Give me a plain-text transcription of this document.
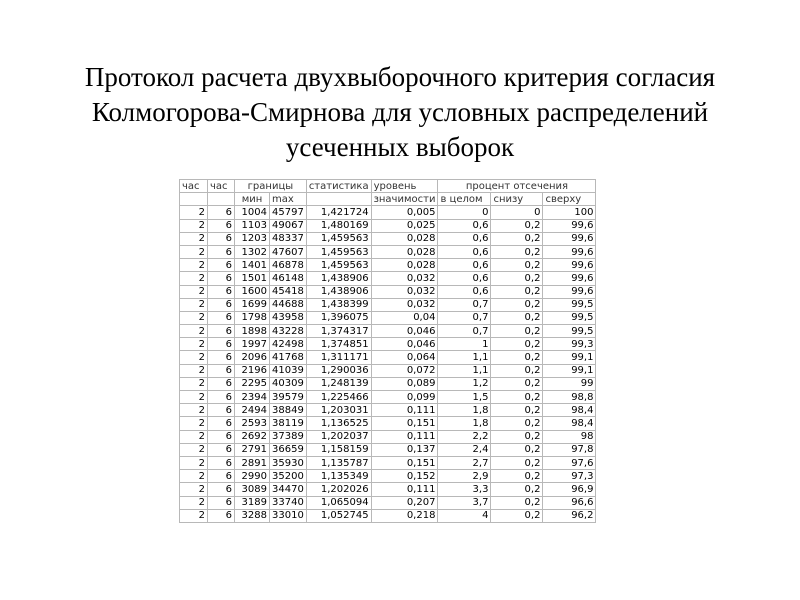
Протокол расчета двухвыборочного критерия согласия
Колмогорова-Смирнова для условных распределений
усеченных выборок
час	час	границы		статистика	уровень	процент отсечения		
		мин	max		значимости	в целом	снизу	сверху
2	6	1004	45797	1,421724	0,005	0	0	100
2	6	1103	49067	1,480169	0,025	0,6	0,2	99,6
2	6	1203	48337	1,459563	0,028	0,6	0,2	99,6
2	6	1302	47607	1,459563	0,028	0,6	0,2	99,6
2	6	1401	46878	1,459563	0,028	0,6	0,2	99,6
2	6	1501	46148	1,438906	0,032	0,6	0,2	99,6
2	6	1600	45418	1,438906	0,032	0,6	0,2	99,6
2	6	1699	44688	1,438399	0,032	0,7	0,2	99,5
2	6	1798	43958	1,396075	0,04	0,7	0,2	99,5
2	6	1898	43228	1,374317	0,046	0,7	0,2	99,5
2	6	1997	42498	1,374851	0,046	1	0,2	99,3
2	6	2096	41768	1,311171	0,064	1,1	0,2	99,1
2	6	2196	41039	1,290036	0,072	1,1	0,2	99,1
2	6	2295	40309	1,248139	0,089	1,2	0,2	99
2	6	2394	39579	1,225466	0,099	1,5	0,2	98,8
2	6	2494	38849	1,203031	0,111	1,8	0,2	98,4
2	6	2593	38119	1,136525	0,151	1,8	0,2	98,4
2	6	2692	37389	1,202037	0,111	2,2	0,2	98
2	6	2791	36659	1,158159	0,137	2,4	0,2	97,8
2	6	2891	35930	1,135787	0,151	2,7	0,2	97,6
2	6	2990	35200	1,135349	0,152	2,9	0,2	97,3
2	6	3089	34470	1,202026	0,111	3,3	0,2	96,9
2	6	3189	33740	1,065094	0,207	3,7	0,2	96,6
2	6	3288	33010	1,052745	0,218	4	0,2	96,2
